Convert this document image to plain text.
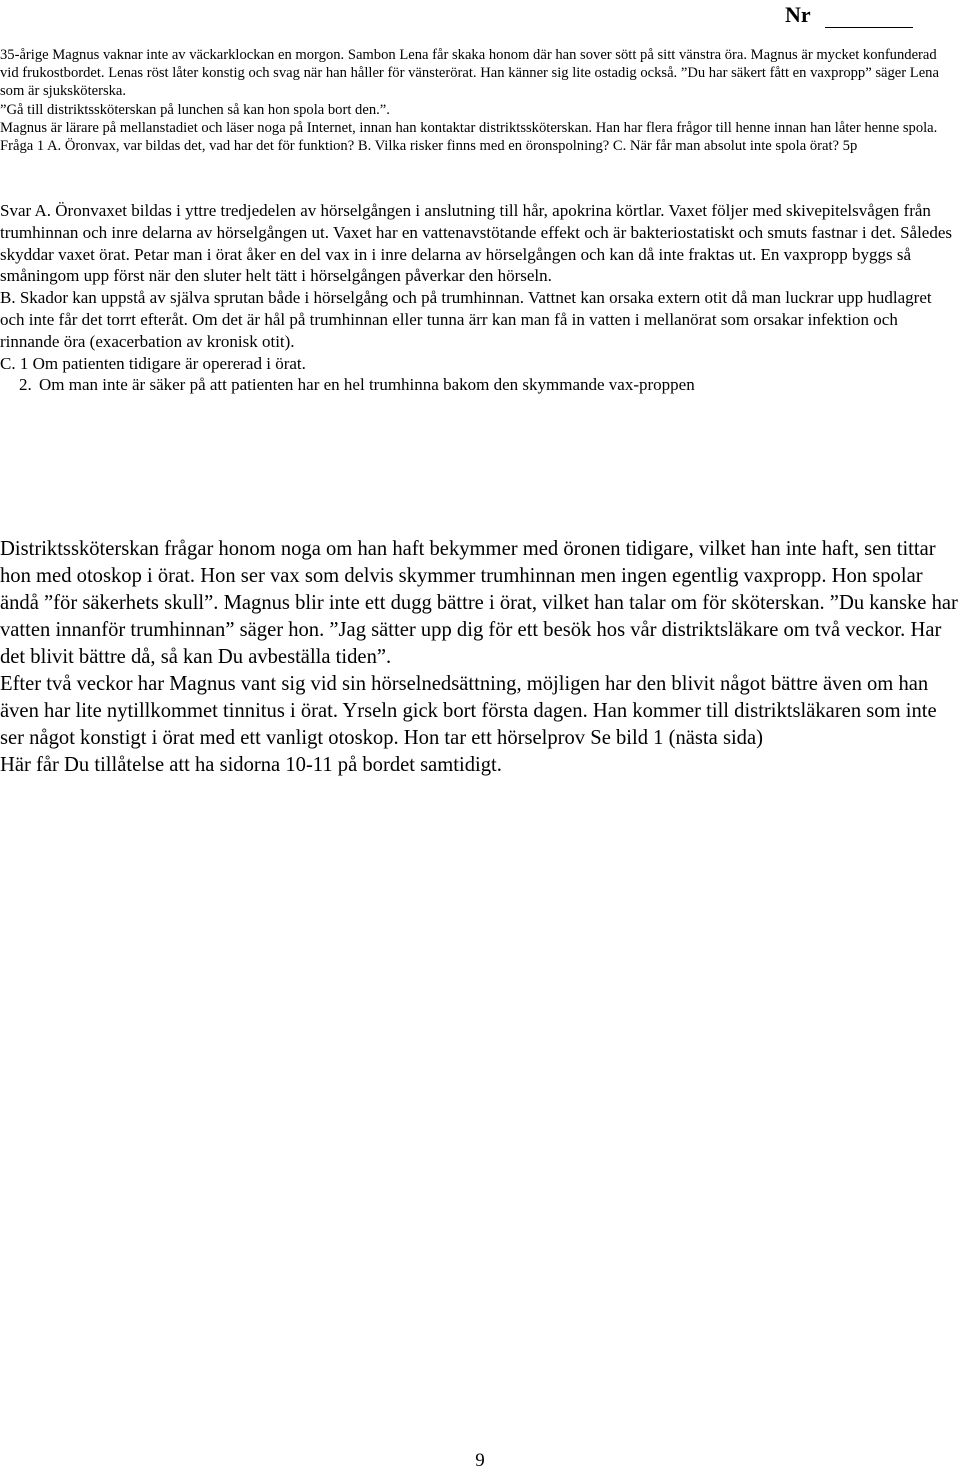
Nr

35-årige Magnus vaknar inte av väckarklockan en morgon. Sambon Lena får skaka honom där han sover sött på sitt vänstra öra. Magnus är mycket konfunderad vid frukostbordet. Lenas röst låter konstig och svag när han håller för vänsterörat. Han känner sig lite ostadig också. ”Du har säkert fått en vaxpropp” säger Lena som är sjuksköterska.

”Gå till distriktssköterskan på lunchen så kan hon spola bort den.”.

Magnus är lärare på mellanstadiet och läser noga på Internet, innan han kontaktar distriktssköterskan. Han har flera frågor till henne innan han låter henne spola. Fråga 1 A. Öronvax, var bildas det, vad har det för funktion? B. Vilka risker finns med en öronspolning? C. När får man absolut inte spola örat? 5p

Svar A. Öronvaxet bildas i yttre tredjedelen av hörselgången i anslutning till hår, apokrina körtlar. Vaxet följer med skivepitelsvågen från trumhinnan och inre delarna av hörselgången ut. Vaxet har en vattenavstötande effekt och är bakteriostatiskt och smuts fastnar i det. Således skyddar vaxet örat. Petar man i örat åker en del vax in i inre delarna av hörselgången och kan då inte fraktas ut. En vaxpropp byggs så småningom upp först när den sluter helt tätt i hörselgången påverkar den hörseln.

B. Skador kan uppstå av själva sprutan både i hörselgång och på trumhinnan. Vattnet kan orsaka extern otit då man luckrar upp hudlagret och inte får det torrt efteråt. Om det är hål på trumhinnan eller tunna ärr kan man få in vatten i mellanörat som orsakar infektion och rinnande öra (exacerbation av kronisk otit).

C. 1 Om patienten tidigare är opererad i örat.

2. Om man inte är säker på att patienten har en hel trumhinna bakom den skymmande vax-proppen

Distriktssköterskan frågar honom noga om han haft bekymmer med öronen tidigare, vilket han inte haft, sen tittar hon med otoskop i örat. Hon ser vax som delvis skymmer trumhinnan men ingen egentlig vaxpropp. Hon spolar ändå ”för säkerhets skull”. Magnus blir inte ett dugg bättre i örat, vilket han talar om för sköterskan. ”Du kanske har vatten innanför trumhinnan” säger hon. ”Jag sätter upp dig för ett besök hos vår distriktsläkare om två veckor. Har det blivit bättre då, så kan Du avbeställa tiden”.

Efter två veckor har Magnus vant sig vid sin hörselnedsättning, möjligen har den blivit något bättre även om han även har lite nytillkommet tinnitus i örat. Yrseln gick bort första dagen. Han kommer till distriktsläkaren som inte ser något konstigt i örat med ett vanligt otoskop. Hon tar ett hörselprov Se bild 1 (nästa sida)

Här får Du tillåtelse att ha sidorna 10-11 på bordet samtidigt.

9
